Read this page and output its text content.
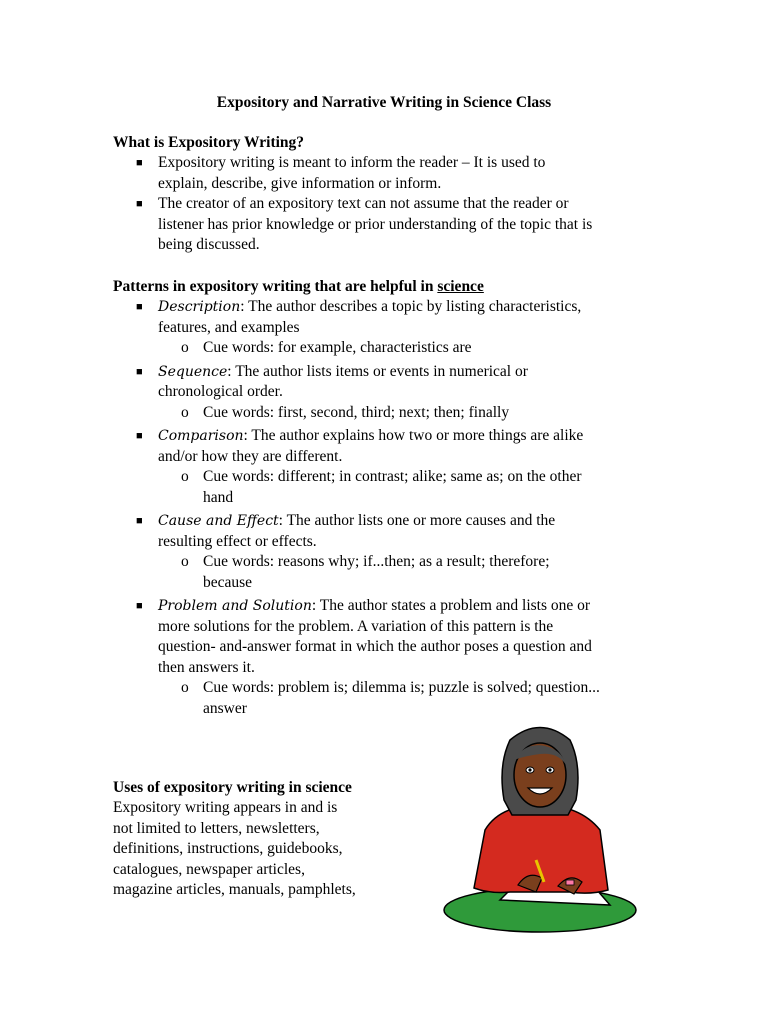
Expository and Narrative Writing in Science Class
What is Expository Writing?
■ Expository writing is meant to inform the reader – It is used to
explain, describe, give information or inform.
■ The creator of an expository text can not assume that the reader or
listener has prior knowledge or prior understanding of the topic that is
being discussed.
Patterns in expository writing that are helpful in science
■ Description: The author describes a topic by listing characteristics,
features, and examples
o Cue words: for example, characteristics are
■ Sequence: The author lists items or events in numerical or
chronological order.
o Cue words: first, second, third; next; then; finally
■ Comparison: The author explains how two or more things are alike
and/or how they are different.
o Cue words: different; in contrast; alike; same as; on the other
hand
■ Cause and Effect: The author lists one or more causes and the
resulting effect or effects.
o Cue words: reasons why; if...then; as a result; therefore;
because
■ Problem and Solution: The author states a problem and lists one or
more solutions for the problem. A variation of this pattern is the
question- and-answer format in which the author poses a question and
then answers it.
o Cue words: problem is; dilemma is; puzzle is solved; question...
answer
Uses of expository writing in science
Expository writing appears in and is
not limited to letters, newsletters,
definitions, instructions, guidebooks,
catalogues, newspaper articles,
magazine articles, manuals, pamphlets,
